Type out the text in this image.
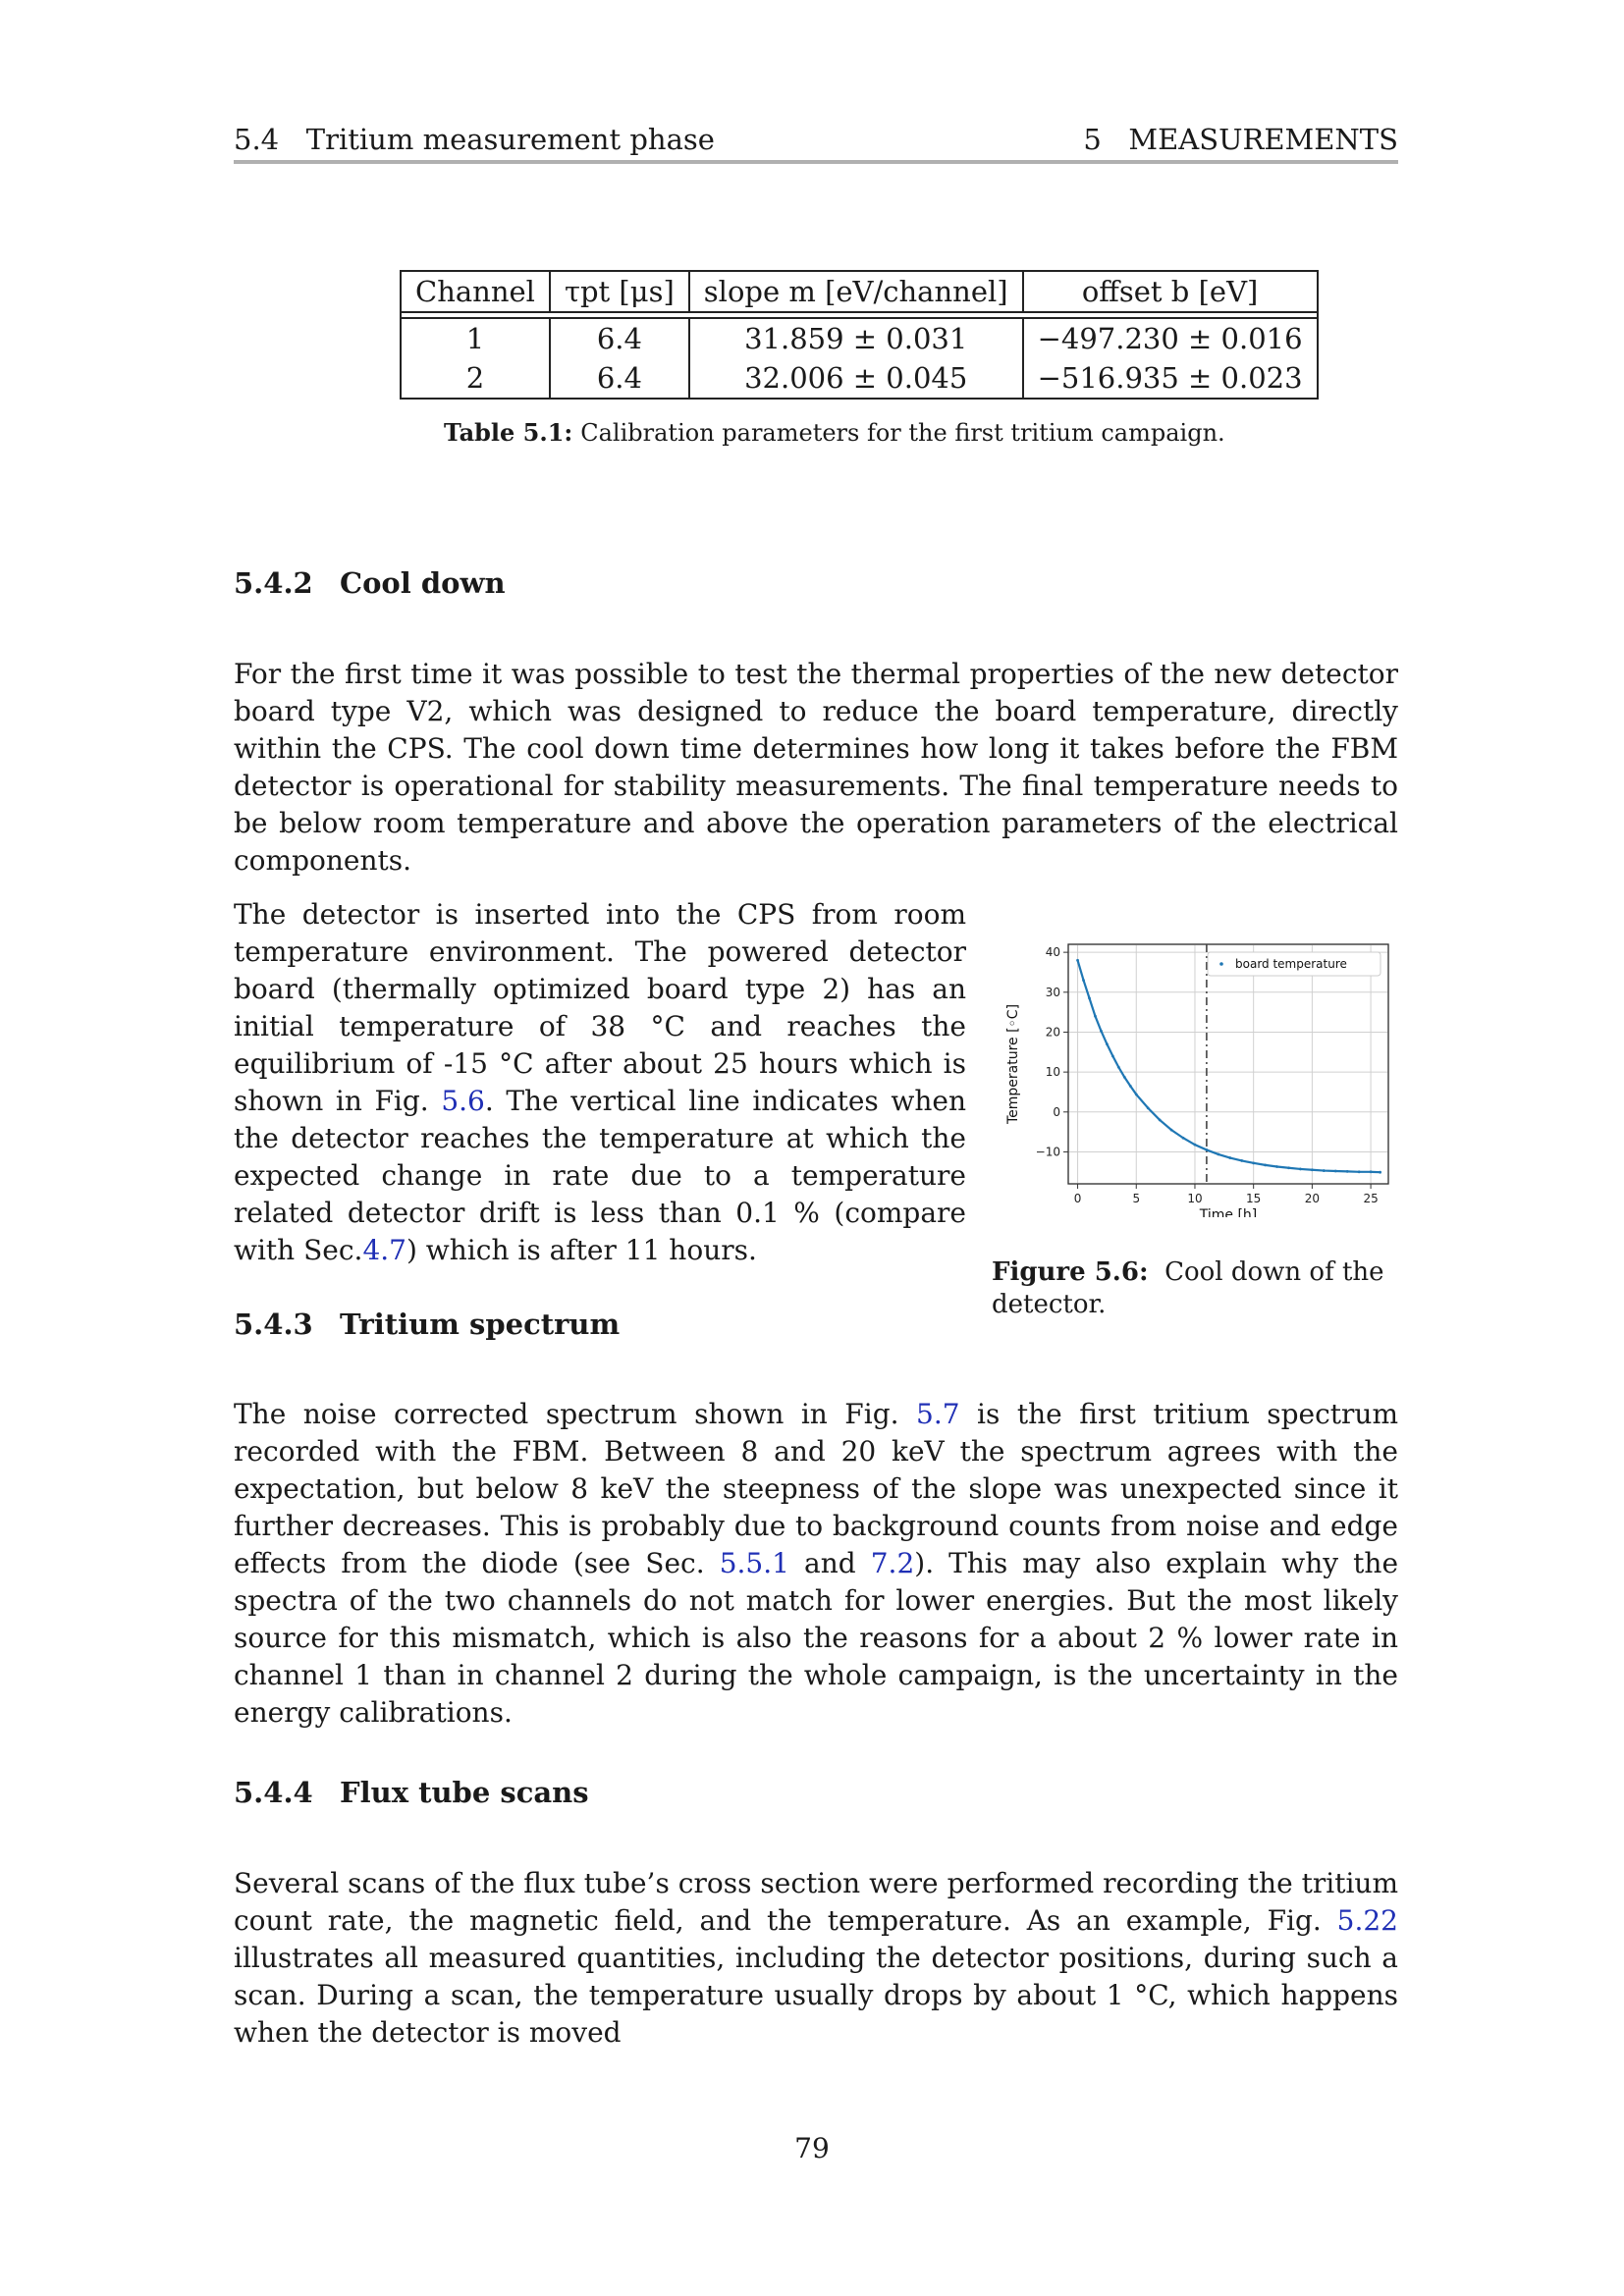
5.4   Tritium measurement phase	5   MEASUREMENTS
Channel	τpt [μs]	slope m [eV/channel]	offset b [eV]

1	6.4	31.859 ± 0.031	−497.230 ± 0.016
2	6.4	32.006 ± 0.045	−516.935 ± 0.023
Table 5.1: Calibration parameters for the first tritium campaign.
5.4.2 Cool down
For the first time it was possible to test the thermal properties of the new detector board type V2, which was designed to reduce the board temperature, directly within the CPS. The cool down time determines how long it takes before the FBM detector is operational for stability measurements. The final temperature needs to be below room temperature and above the operation parameters of the electrical components.
The detector is inserted into the CPS from room temperature environment. The powered detector board (thermally optimized board type 2) has an initial temperature of 38 °C and reaches the equilibrium of -15 °C after about 25 hours which is shown in Fig. 5.6. The vertical line indicates when the detector reaches the temperature at which the expected change in rate due to a temperature related detector drift is less than 0.1 % (compare with Sec.4.7) which is after 11 hours.
0	5	10	15	20	25
−10
0
10
20
30
40
Time [h]
Temperature [◦C]
board temperature
Figure 5.6: Cool down of the detector.
5.4.3 Tritium spectrum
The noise corrected spectrum shown in Fig. 5.7 is the first tritium spectrum recorded with the FBM. Between 8 and 20 keV the spectrum agrees with the expectation, but below 8 keV the steepness of the slope was unexpected since it further decreases. This is probably due to background counts from noise and edge effects from the diode (see Sec. 5.5.1 and 7.2). This may also explain why the spectra of the two channels do not match for lower energies. But the most likely source for this mismatch, which is also the reasons for a about 2 % lower rate in channel 1 than in channel 2 during the whole campaign, is the uncertainty in the energy calibrations.
5.4.4 Flux tube scans
Several scans of the flux tube’s cross section were performed recording the tritium count rate, the magnetic field, and the temperature. As an example, Fig. 5.22 illustrates all measured quantities, including the detector positions, during such a scan. During a scan, the temperature usually drops by about 1 °C, which happens when the detector is moved
79
